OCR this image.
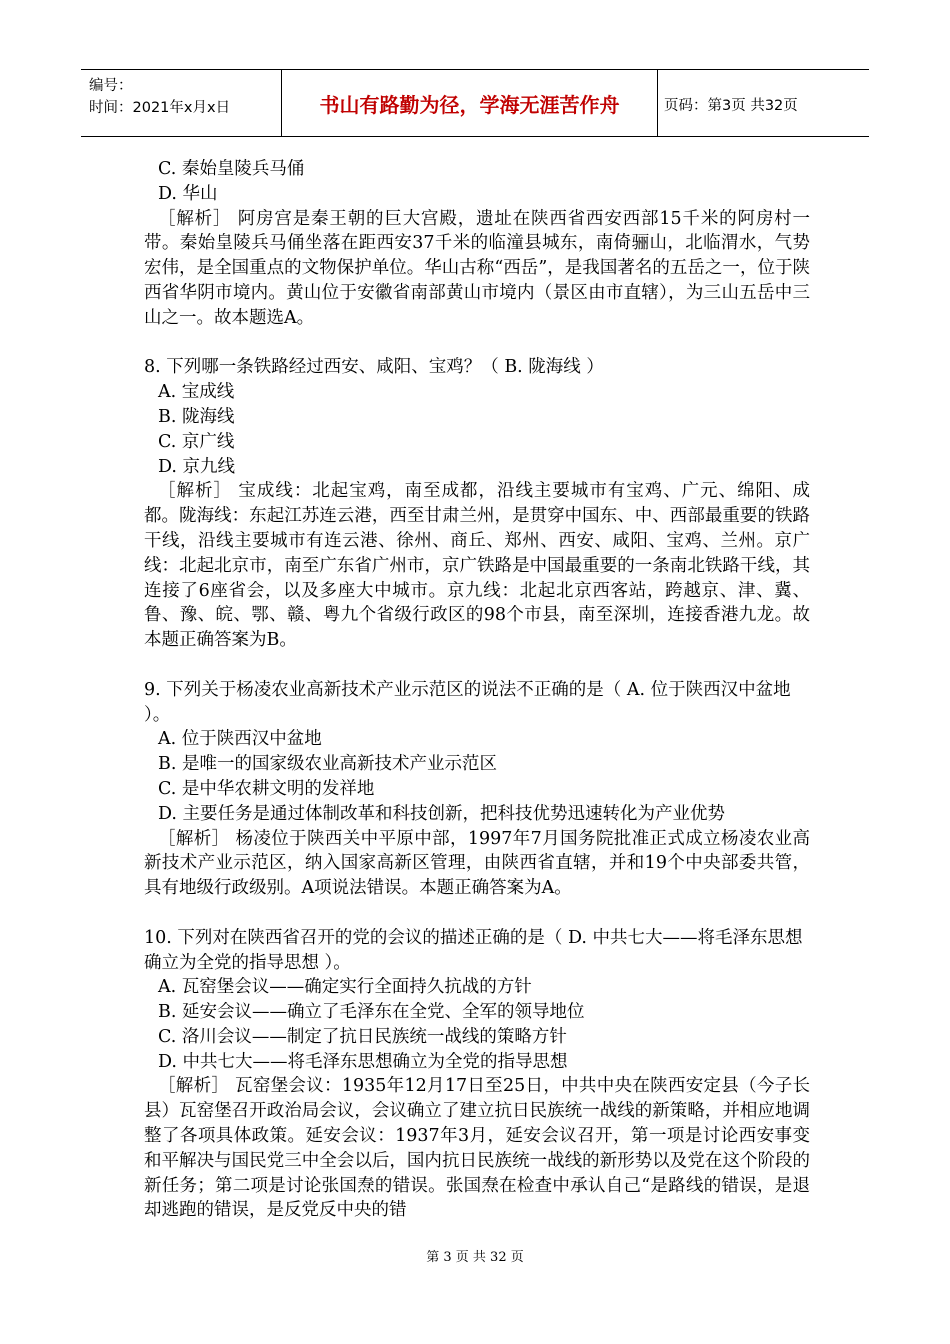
编号：
时间：2021年x月x日	书山有路勤为径，学海无涯苦作舟	页码：第3页 共32页

C. 秦始皇陵兵马俑

D. 华山

［解析］ 阿房宫是秦王朝的巨大宫殿，遗址在陕西省西安西部15千米的阿房村一带。秦始皇陵兵马俑坐落在距西安37千米的临潼县城东，南倚骊山，北临渭水，气势宏伟，是全国重点的文物保护单位。华山古称“西岳”，是我国著名的五岳之一，位于陕西省华阴市境内。黄山位于安徽省南部黄山市境内（景区由市直辖），为三山五岳中三山之一。故本题选A。

8. 下列哪一条铁路经过西安、咸阳、宝鸡？（ B. 陇海线 ）

A. 宝成线

B. 陇海线

C. 京广线

D. 京九线

［解析］ 宝成线：北起宝鸡，南至成都，沿线主要城市有宝鸡、广元、绵阳、成都。陇海线：东起江苏连云港，西至甘肃兰州，是贯穿中国东、中、西部最重要的铁路干线，沿线主要城市有连云港、徐州、商丘、郑州、西安、咸阳、宝鸡、兰州。京广线：北起北京市，南至广东省广州市，京广铁路是中国最重要的一条南北铁路干线，其连接了6座省会，以及多座大中城市。京九线：北起北京西客站，跨越京、津、冀、鲁、豫、皖、鄂、赣、粤九个省级行政区的98个市县，南至深圳，连接香港九龙。故本题正确答案为B。

9. 下列关于杨凌农业高新技术产业示范区的说法不正确的是（ A. 位于陕西汉中盆地 ）。

A. 位于陕西汉中盆地

B. 是唯一的国家级农业高新技术产业示范区

C. 是中华农耕文明的发祥地

D. 主要任务是通过体制改革和科技创新，把科技优势迅速转化为产业优势

［解析］ 杨凌位于陕西关中平原中部，1997年7月国务院批准正式成立杨凌农业高新技术产业示范区，纳入国家高新区管理，由陕西省直辖，并和19个中央部委共管，具有地级行政级别。A项说法错误。本题正确答案为A。

10. 下列对在陕西省召开的党的会议的描述正确的是（ D. 中共七大——将毛泽东思想确立为全党的指导思想 ）。

A. 瓦窑堡会议——确定实行全面持久抗战的方针

B. 延安会议——确立了毛泽东在全党、全军的领导地位

C. 洛川会议——制定了抗日民族统一战线的策略方针

D. 中共七大——将毛泽东思想确立为全党的指导思想

［解析］ 瓦窑堡会议：1935年12月17日至25日，中共中央在陕西安定县（今子长县）瓦窑堡召开政治局会议，会议确立了建立抗日民族统一战线的新策略，并相应地调整了各项具体政策。延安会议：1937年3月，延安会议召开，第一项是讨论西安事变和平解决与国民党三中全会以后，国内抗日民族统一战线的新形势以及党在这个阶段的新任务；第二项是讨论张国焘的错误。张国焘在检查中承认自己“是路线的错误，是退却逃跑的错误，是反党反中央的错

第 3 页 共 32 页
